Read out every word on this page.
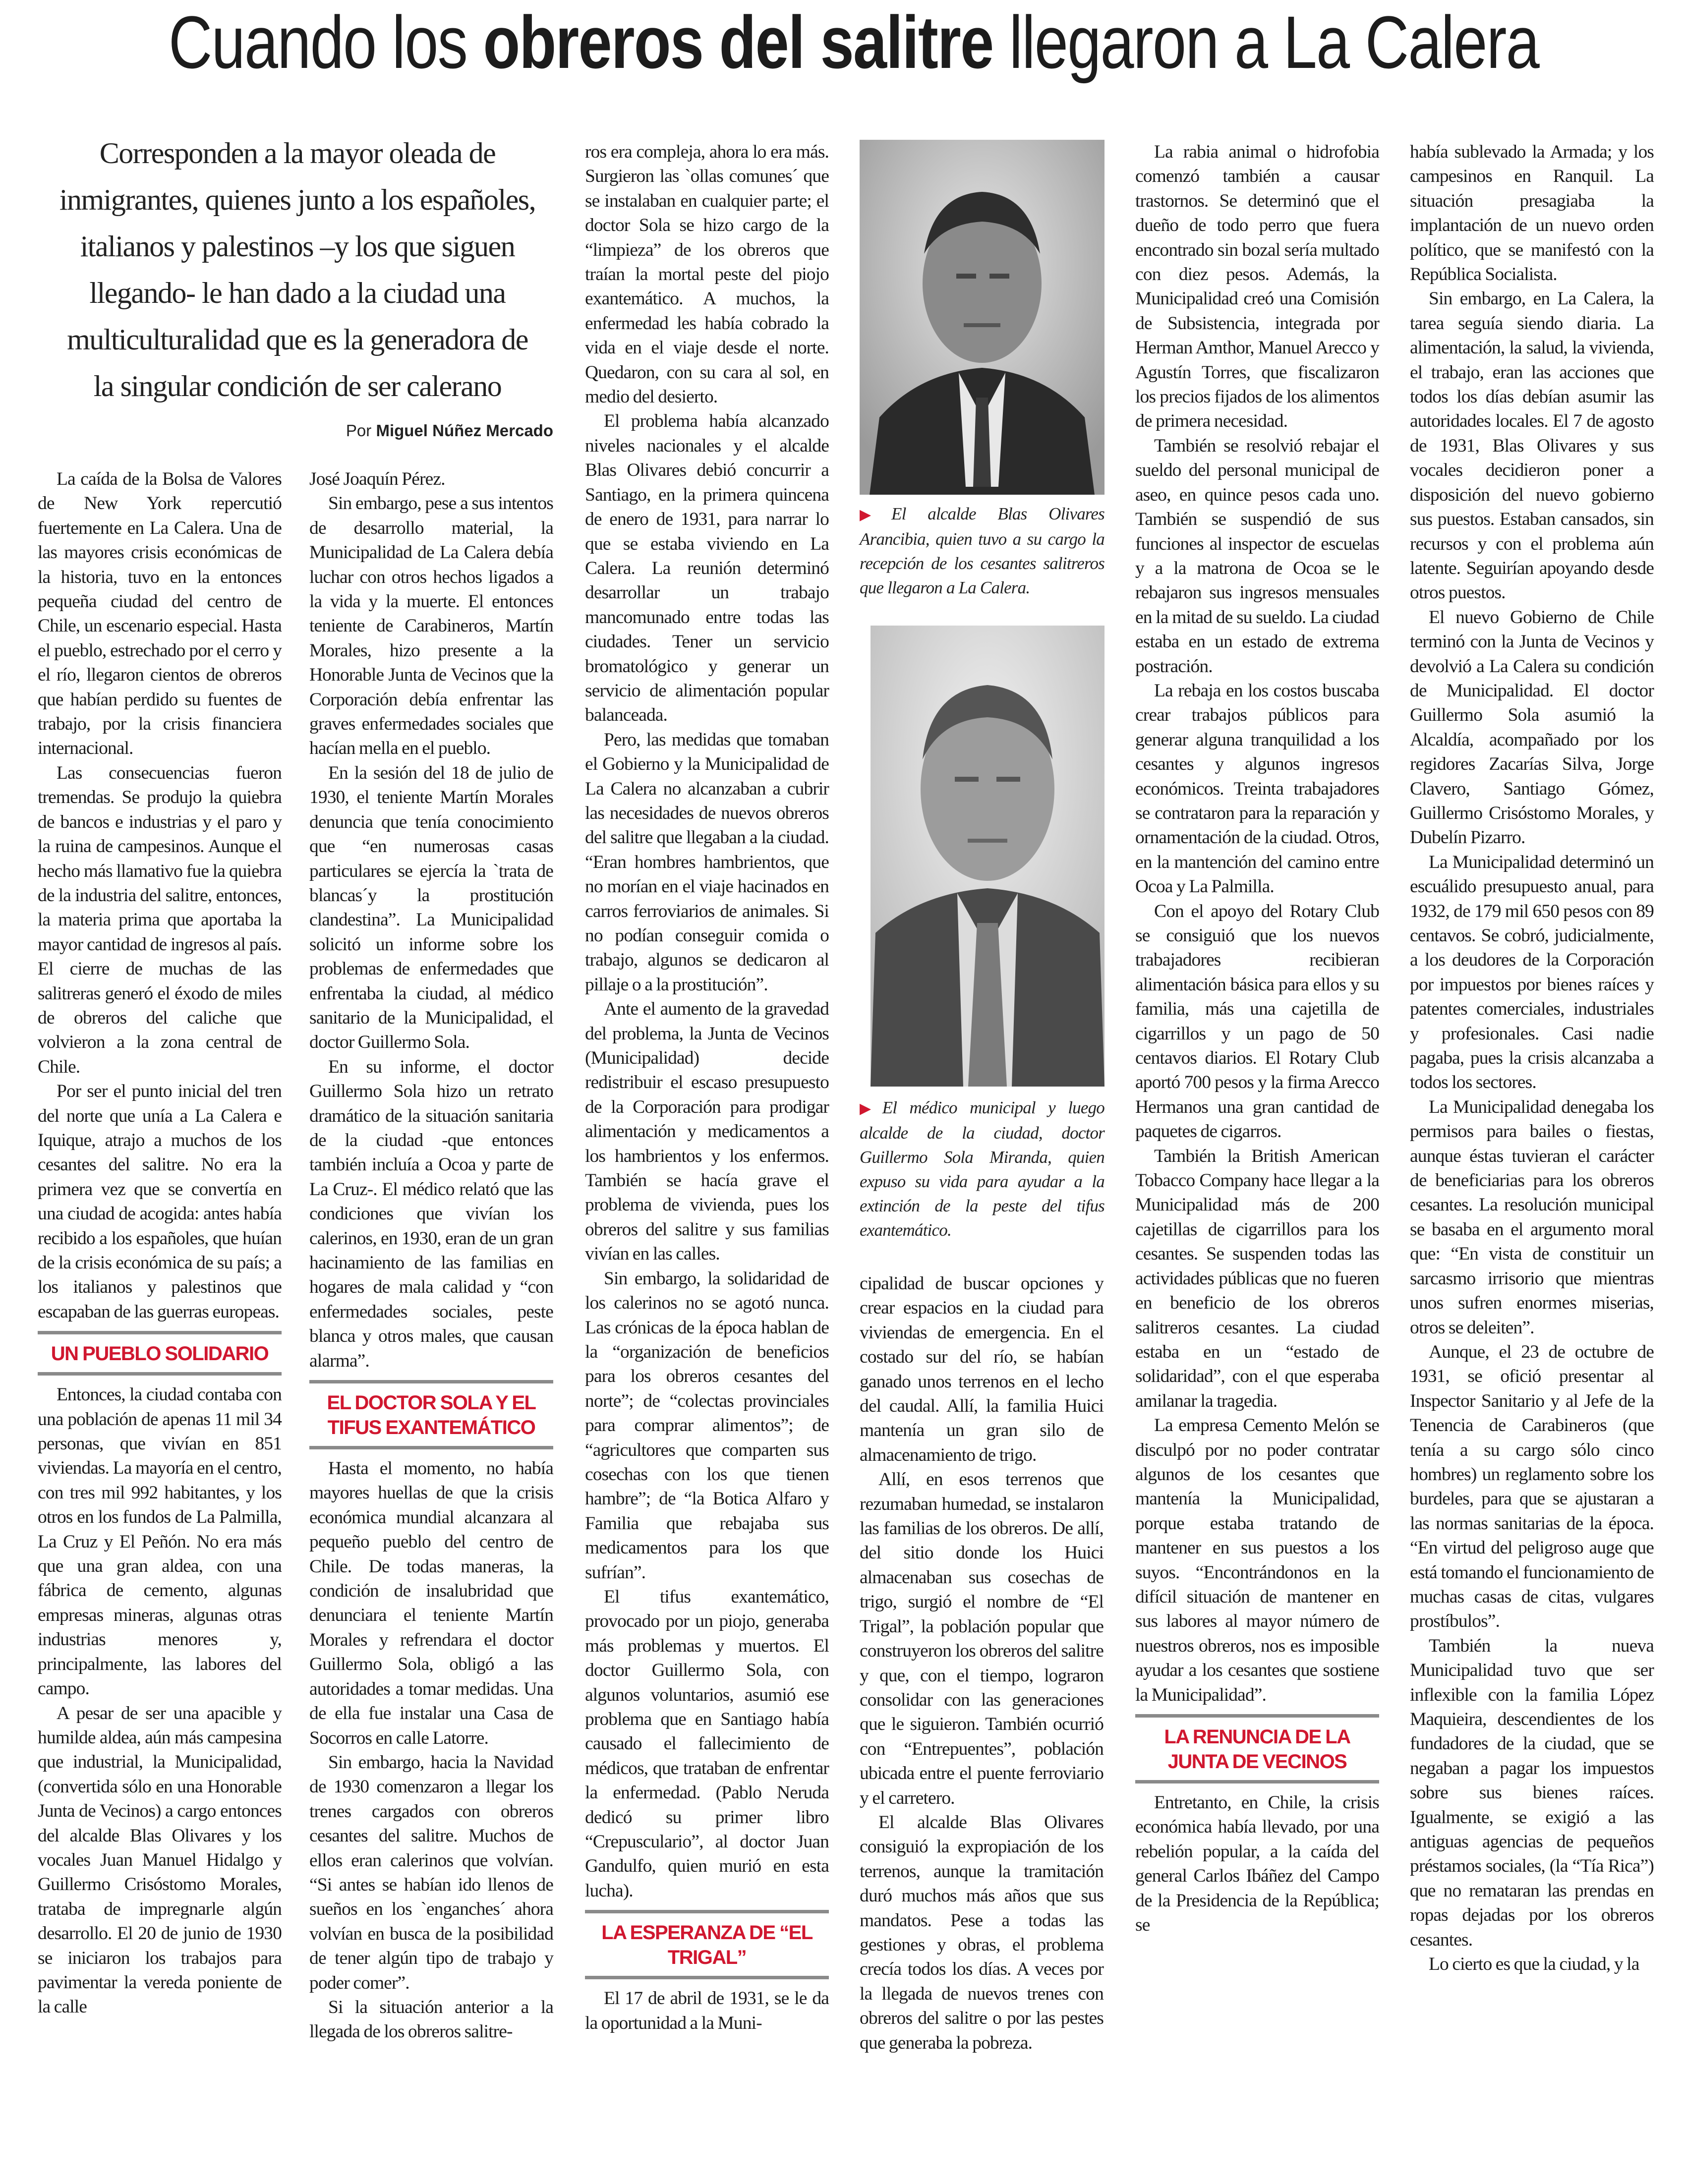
Cuando los obreros del salitre llegaron a La Calera
Corresponden a la mayor oleada de inmigrantes, quienes junto a los españoles, italianos y palestinos –y los que siguen llegando- le han dado a la ciudad una multiculturalidad que es la generadora de la singular condición de ser calerano
Por Miguel Núñez Mercado

La caída de la Bolsa de Valores de New York repercutió fuertemente en La Calera. Una de las mayores crisis económicas de la historia, tuvo en la entonces pequeña ciudad del centro de Chile, un escenario especial. Hasta el pueblo, estrechado por el cerro y el río, llegaron cientos de obreros que habían perdido su fuentes de trabajo, por la crisis financiera internacional.

Las consecuencias fueron tremendas. Se produjo la quiebra de bancos e industrias y el paro y la ruina de campesinos. Aunque el hecho más llamativo fue la quiebra de la industria del salitre, entonces, la materia prima que aportaba la mayor cantidad de ingresos al país. El cierre de muchas de las salitreras generó el éxodo de miles de obreros del caliche que volvieron a la zona central de Chile.

Por ser el punto inicial del tren del norte que unía a La Calera e Iquique, atrajo a muchos de los cesantes del salitre. No era la primera vez que se convertía en una ciudad de acogida: antes había recibido a los españoles, que huían de la crisis económica de su país; a los italianos y palestinos que escapaban de las guerras europeas.

UN PUEBLO SOLIDARIO

Entonces, la ciudad contaba con una población de apenas 11 mil 34 personas, que vivían en 851 viviendas. La mayoría en el centro, con tres mil 992 habitantes, y los otros en los fundos de La Palmilla, La Cruz y El Peñón. No era más que una gran aldea, con una fábrica de cemento, algunas empresas mineras, algunas otras industrias menores y, principalmente, las labores del campo.

A pesar de ser una apacible y humilde aldea, aún más campesina que industrial, la Municipalidad, (convertida sólo en una Honorable Junta de Vecinos) a cargo entonces del alcalde Blas Olivares y los vocales Juan Manuel Hidalgo y Guillermo Crisóstomo Morales, trataba de impregnarle algún desarrollo. El 20 de junio de 1930 se iniciaron los trabajos para pavimentar la vereda poniente de la calle

José Joaquín Pérez.

Sin embargo, pese a sus intentos de desarrollo material, la Municipalidad de La Calera debía luchar con otros hechos ligados a la vida y la muerte. El entonces teniente de Carabineros, Martín Morales, hizo presente a la Honorable Junta de Vecinos que la Corporación debía enfrentar las graves enfermedades sociales que hacían mella en el pueblo.

En la sesión del 18 de julio de 1930, el teniente Martín Morales denuncia que tenía conocimiento que “en numerosas casas particulares se ejercía la `trata de blancas´y la prostitución clandestina”. La Municipalidad solicitó un informe sobre los problemas de enfermedades que enfrentaba la ciudad, al médico sanitario de la Municipalidad, el doctor Guillermo Sola.

En su informe, el doctor Guillermo Sola hizo un retrato dramático de la situación sanitaria de la ciudad -que entonces también incluía a Ocoa y parte de La Cruz-. El médico relató que las condiciones que vivían los calerinos, en 1930, eran de un gran hacinamiento de las familias en hogares de mala calidad y “con enfermedades sociales, peste blanca y otros males, que causan alarma”.

EL DOCTOR SOLA Y EL TIFUS EXANTEMÁTICO

Hasta el momento, no había mayores huellas de que la crisis económica mundial alcanzara al pequeño pueblo del centro de Chile. De todas maneras, la condición de insalubridad que denunciara el teniente Martín Morales y refrendara el doctor Guillermo Sola, obligó a las autoridades a tomar medidas. Una de ella fue instalar una Casa de Socorros en calle Latorre.

Sin embargo, hacia la Navidad de 1930 comenzaron a llegar los trenes cargados con obreros cesantes del salitre. Muchos de ellos eran calerinos que volvían. “Si antes se habían ido llenos de sueños en los `enganches´ ahora volvían en busca de la posibilidad de tener algún tipo de trabajo y poder comer”.

Si la situación anterior a la llegada de los obreros salitre-

ros era compleja, ahora lo era más. Surgieron las `ollas comunes´ que se instalaban en cualquier parte; el doctor Sola se hizo cargo de la “limpieza” de los obreros que traían la mortal peste del piojo exantemático. A muchos, la enfermedad les había cobrado la vida en el viaje desde el norte. Quedaron, con su cara al sol, en medio del desierto.

El problema había alcanzado niveles nacionales y el alcalde Blas Olivares debió concurrir a Santiago, en la primera quincena de enero de 1931, para narrar lo que se estaba viviendo en La Calera. La reunión determinó desarrollar un trabajo mancomunado entre todas las ciudades. Tener un servicio bromatológico y generar un servicio de alimentación popular balanceada.

Pero, las medidas que tomaban el Gobierno y la Municipalidad de La Calera no alcanzaban a cubrir las necesidades de nuevos obreros del salitre que llegaban a la ciudad. “Eran hombres hambrientos, que no morían en el viaje hacinados en carros ferroviarios de animales. Si no podían conseguir comida o trabajo, algunos se dedicaron al pillaje o a la prostitución”.

Ante el aumento de la gravedad del problema, la Junta de Vecinos (Municipalidad) decide redistribuir el escaso presupuesto de la Corporación para prodigar alimentación y medicamentos a los hambrientos y los enfermos. También se hacía grave el problema de vivienda, pues los obreros del salitre y sus familias vivían en las calles.

Sin embargo, la solidaridad de los calerinos no se agotó nunca. Las crónicas de la época hablan de la “organización de beneficios para los obreros cesantes del norte”; de “colectas provinciales para comprar alimentos”; de “agricultores que comparten sus cosechas con los que tienen hambre”; de “la Botica Alfaro y Familia que rebajaba sus medicamentos para los que sufrían”.

El tifus exantemático, provocado por un piojo, generaba más problemas y muertos. El doctor Guillermo Sola, con algunos voluntarios, asumió ese problema que en Santiago había causado el fallecimiento de médicos, que trataban de enfrentar la enfermedad. (Pablo Neruda dedicó su primer libro “Crepusculario”, al doctor Juan Gandulfo, quien murió en esta lucha).

LA ESPERANZA DE “EL TRIGAL”

El 17 de abril de 1931, se le da la oportunidad a la Muni-

cipalidad de buscar opciones y crear espacios en la ciudad para viviendas de emergencia. En el costado sur del río, se habían ganado unos terrenos en el lecho del caudal. Allí, la familia Huici mantenía un gran silo de almacenamiento de trigo.

Allí, en esos terrenos que rezumaban humedad, se instalaron las familias de los obreros. De allí, del sitio donde los Huici almacenaban sus cosechas de trigo, surgió el nombre de “El Trigal”, la población popular que construyeron los obreros del salitre y que, con el tiempo, lograron consolidar con las generaciones que le siguieron. También ocurrió con “Entrepuentes”, población ubicada entre el puente ferroviario y el carretero.

El alcalde Blas Olivares consiguió la expropiación de los terrenos, aunque la tramitación duró muchos más años que sus mandatos. Pese a todas las gestiones y obras, el problema crecía todos los días. A veces por la llegada de nuevos trenes con obreros del salitre o por las pestes que generaba la pobreza.

La rabia animal o hidrofobia comenzó también a causar trastornos. Se determinó que el dueño de todo perro que fuera encontrado sin bozal sería multado con diez pesos. Además, la Municipalidad creó una Comisión de Subsistencia, integrada por Herman Amthor, Manuel Arecco y Agustín Torres, que fiscalizaron los precios fijados de los alimentos de primera necesidad.

También se resolvió rebajar el sueldo del personal municipal de aseo, en quince pesos cada uno. También se suspendió de sus funciones al inspector de escuelas y a la matrona de Ocoa se le rebajaron sus ingresos mensuales en la mitad de su sueldo. La ciudad estaba en un estado de extrema postración.

La rebaja en los costos buscaba crear trabajos públicos para generar alguna tranquilidad a los cesantes y algunos ingresos económicos. Treinta trabajadores se contrataron para la reparación y ornamentación de la ciudad. Otros, en la mantención del camino entre Ocoa y La Palmilla.

Con el apoyo del Rotary Club se consiguió que los nuevos trabajadores recibieran alimentación básica para ellos y su familia, más una cajetilla de cigarrillos y un pago de 50 centavos diarios. El Rotary Club aportó 700 pesos y la firma Arecco Hermanos una gran cantidad de paquetes de cigarros.

También la British American Tobacco Company hace llegar a la Municipalidad más de 200 cajetillas de cigarrillos para los cesantes. Se suspenden todas las actividades públicas que no fueren en beneficio de los obreros salitreros cesantes. La ciudad estaba en un “estado de solidaridad”, con el que esperaba amilanar la tragedia.

La empresa Cemento Melón se disculpó por no poder contratar algunos de los cesantes que mantenía la Municipalidad, porque estaba tratando de mantener en sus puestos a los suyos. “Encontrándonos en la difícil situación de mantener en sus labores al mayor número de nuestros obreros, nos es imposible ayudar a los cesantes que sostiene la Municipalidad”.

LA RENUNCIA DE LA JUNTA DE VECINOS

Entretanto, en Chile, la crisis económica había llevado, por una rebelión popular, a la caída del general Carlos Ibáñez del Campo de la Presidencia de la República; se

había sublevado la Armada; y los campesinos en Ranquil. La situación presagiaba la implantación de un nuevo orden político, que se manifestó con la República Socialista.

Sin embargo, en La Calera, la tarea seguía siendo diaria. La alimentación, la salud, la vivienda, el trabajo, eran las acciones que todos los días debían asumir las autoridades locales. El 7 de agosto de 1931, Blas Olivares y sus vocales decidieron poner a disposición del nuevo gobierno sus puestos. Estaban cansados, sin recursos y con el problema aún latente. Seguirían apoyando desde otros puestos.

El nuevo Gobierno de Chile terminó con la Junta de Vecinos y devolvió a La Calera su condición de Municipalidad. El doctor Guillermo Sola asumió la Alcaldía, acompañado por los regidores Zacarías Silva, Jorge Clavero, Santiago Gómez, Guillermo Crisóstomo Morales, y Dubelín Pizarro.

La Municipalidad determinó un escuálido presupuesto anual, para 1932, de 179 mil 650 pesos con 89 centavos. Se cobró, judicialmente, a los deudores de la Corporación por impuestos por bienes raíces y patentes comerciales, industriales y profesionales. Casi nadie pagaba, pues la crisis alcanzaba a todos los sectores.

La Municipalidad denegaba los permisos para bailes o fiestas, aunque éstas tuvieran el carácter de beneficiarias para los obreros cesantes. La resolución municipal se basaba en el argumento moral que: “En vista de constituir un sarcasmo irrisorio que mientras unos sufren enormes miserias, otros se deleiten”.

Aunque, el 23 de octubre de 1931, se ofició presentar al Inspector Sanitario y al Jefe de la Tenencia de Carabineros (que tenía a su cargo sólo cinco hombres) un reglamento sobre los burdeles, para que se ajustaran a las normas sanitarias de la época. “En virtud del peligroso auge que está tomando el funcionamiento de muchas casas de citas, vulgares prostíbulos”.

También la nueva Municipalidad tuvo que ser inflexible con la familia López Maquieira, descendientes de los fundadores de la ciudad, que se negaban a pagar los impuestos sobre sus bienes raíces. Igualmente, se exigió a las antiguas agencias de pequeños préstamos sociales, (la “Tía Rica”) que no remataran las prendas en ropas dejadas por los obreros cesantes.

Lo cierto es que la ciudad, y la

▶ El alcalde Blas Olivares Arancibia, quien tuvo a su cargo la recepción de los cesantes salitreros que llegaron a La Calera.
▶ El médico municipal y luego alcalde de la ciudad, doctor Guillermo Sola Miranda, quien expuso su vida para ayudar a la extinción de la peste del tifus exantemático.
